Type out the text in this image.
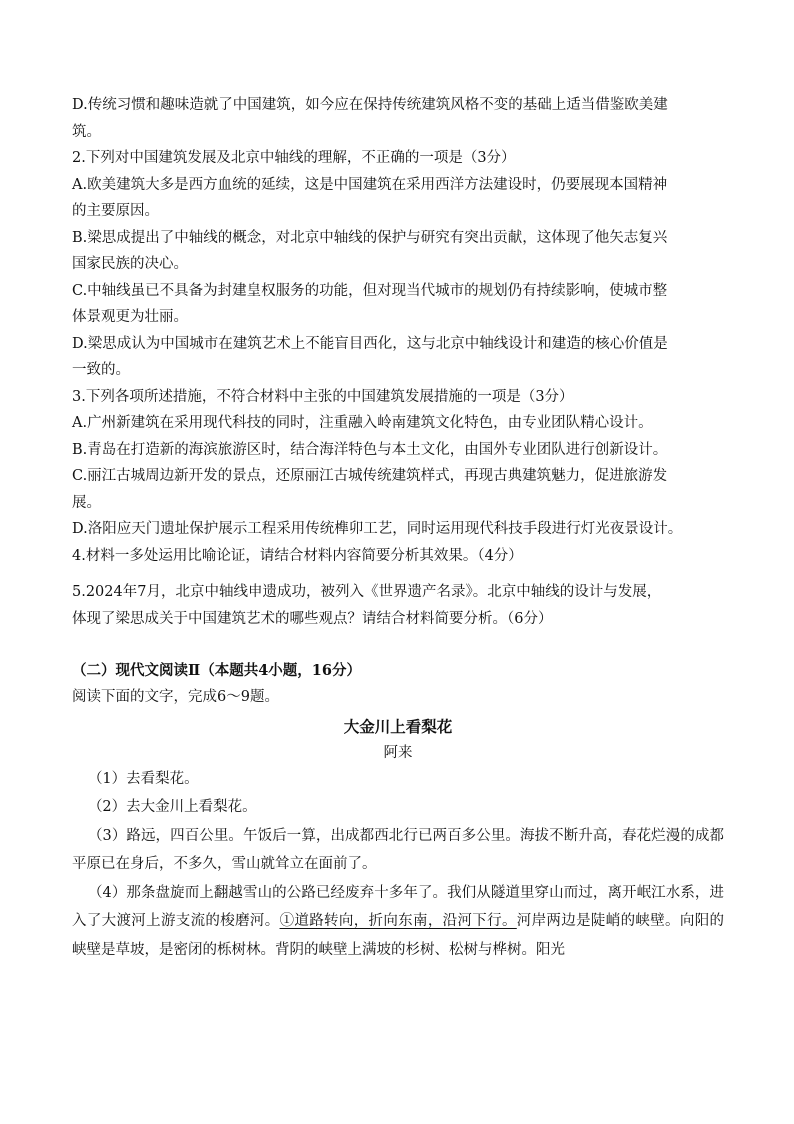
D.传统习惯和趣味造就了中国建筑，如今应在保持传统建筑风格不变的基础上适当借鉴欧美建
筑。

2.下列对中国建筑发展及北京中轴线的理解，不正确的一项是（3分）

A.欧美建筑大多是西方血统的延续，这是中国建筑在采用西洋方法建设时，仍要展现本国精神
的主要原因。

B.梁思成提出了中轴线的概念，对北京中轴线的保护与研究有突出贡献，这体现了他矢志复兴
国家民族的决心。

C.中轴线虽已不具备为封建皇权服务的功能，但对现当代城市的规划仍有持续影响，使城市整
体景观更为壮丽。

D.梁思成认为中国城市在建筑艺术上不能盲目西化，这与北京中轴线设计和建造的核心价值是
一致的。

3.下列各项所述措施，不符合材料中主张的中国建筑发展措施的一项是（3分）

A.广州新建筑在采用现代科技的同时，注重融入岭南建筑文化特色，由专业团队精心设计。

B.青岛在打造新的海滨旅游区时，结合海洋特色与本土文化，由国外专业团队进行创新设计。

C.丽江古城周边新开发的景点，还原丽江古城传统建筑样式，再现古典建筑魅力，促进旅游发
展。

D.洛阳应天门遗址保护展示工程采用传统榫卯工艺，同时运用现代科技手段进行灯光夜景设计。

4.材料一多处运用比喻论证，请结合材料内容简要分析其效果。（4分）

5.2024年7月，北京中轴线申遗成功，被列入《世界遗产名录》。北京中轴线的设计与发展，
体现了梁思成关于中国建筑艺术的哪些观点？请结合材料简要分析。（6分）

（二）现代文阅读Ⅱ（本题共4小题，16分）

阅读下面的文字，完成6～9题。

大金川上看梨花

阿来

（1）去看梨花。

（2）去大金川上看梨花。

（3）路远，四百公里。午饭后一算，出成都西北行已两百多公里。海拔不断升高，春花烂漫的成都平原已在身后，不多久，雪山就耸立在面前了。

（4）那条盘旋而上翻越雪山的公路已经废弃十多年了。我们从隧道里穿山而过，离开岷江水系，进入了大渡河上游支流的梭磨河。①道路转向，折向东南，沿河下行。河岸两边是陡峭的峡壁。向阳的峡壁是草坡，是密闭的栎树林。背阴的峡壁上满坡的杉树、松树与桦树。阳光
